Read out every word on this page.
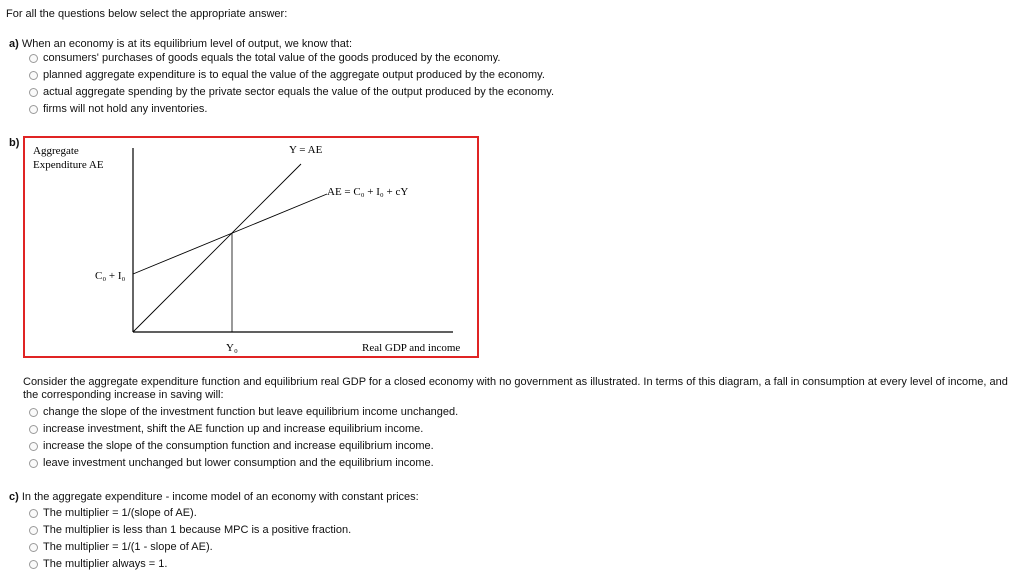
For all the questions below select the appropriate answer:
a) When an economy is at its equilibrium level of output, we know that:
consumers' purchases of goods equals the total value of the goods produced by the economy.
planned aggregate expenditure is to equal the value of the aggregate output produced by the economy.
actual aggregate spending by the private sector equals the value of the output produced by the economy.
firms will not hold any inventories.
b)
Aggregate
Expenditure AE
Y = AE
AE = C₀ + I₀ + cY
C₀ + I₀
Y₀	Real GDP and income
Consider the aggregate expenditure function and equilibrium real GDP for a closed economy with no government as illustrated. In terms of this diagram, a fall in consumption at every level of income, and the corresponding increase in saving will:
change the slope of the investment function but leave equilibrium income unchanged.
increase investment, shift the AE function up and increase equilibrium income.
increase the slope of the consumption function and increase equilibrium income.
leave investment unchanged but lower consumption and the equilibrium income.
c) In the aggregate expenditure - income model of an economy with constant prices:
The multiplier = 1/(slope of AE).
The multiplier is less than 1 because MPC is a positive fraction.
The multiplier = 1/(1 - slope of AE).
The multiplier always = 1.
